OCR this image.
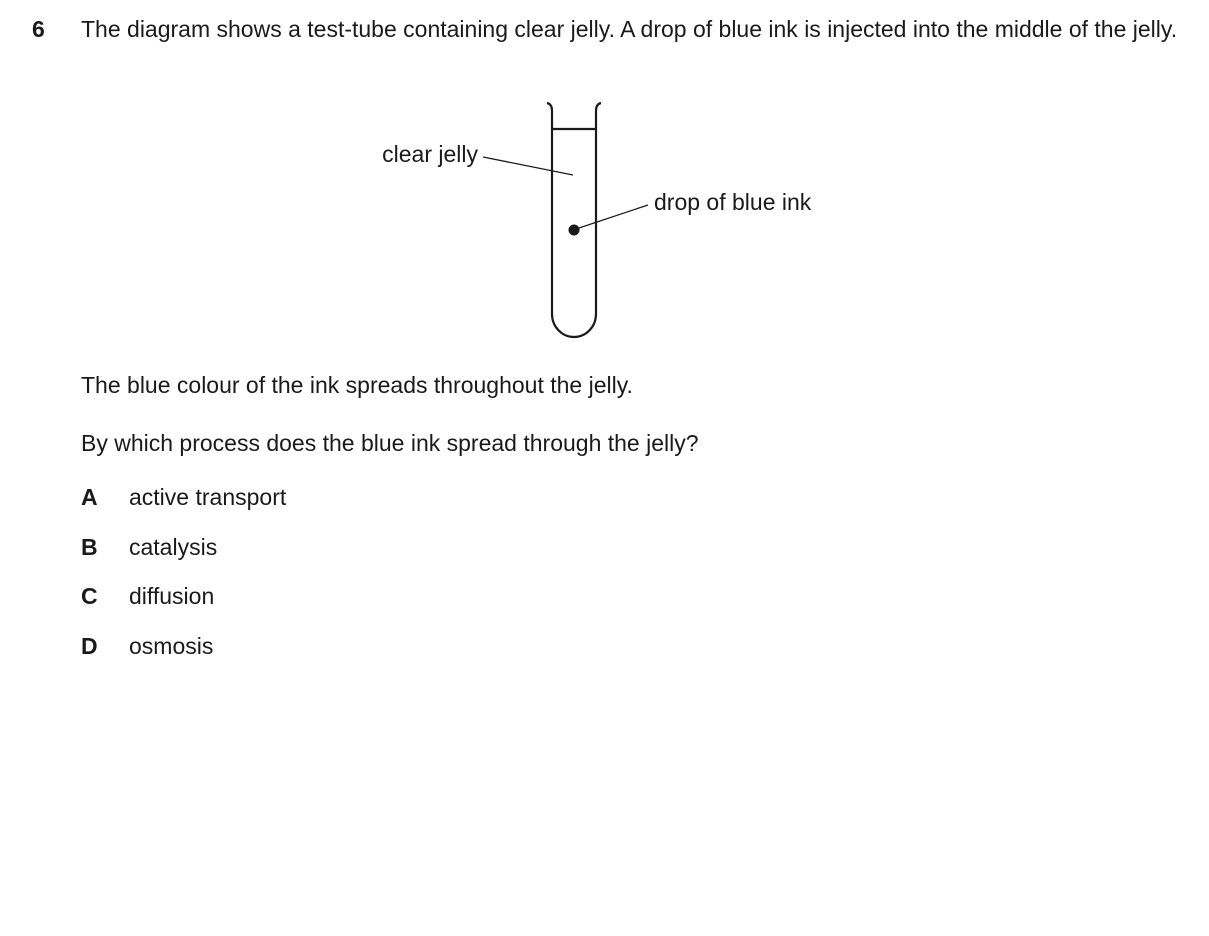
6 The diagram shows a test-tube containing clear jelly. A drop of blue ink is injected into the middle of the jelly.
clear jelly
drop of blue ink

The blue colour of the ink spreads throughout the jelly.

By which process does the blue ink spread through the jelly?

A	active transport
B	catalysis
C	diffusion
D	osmosis
